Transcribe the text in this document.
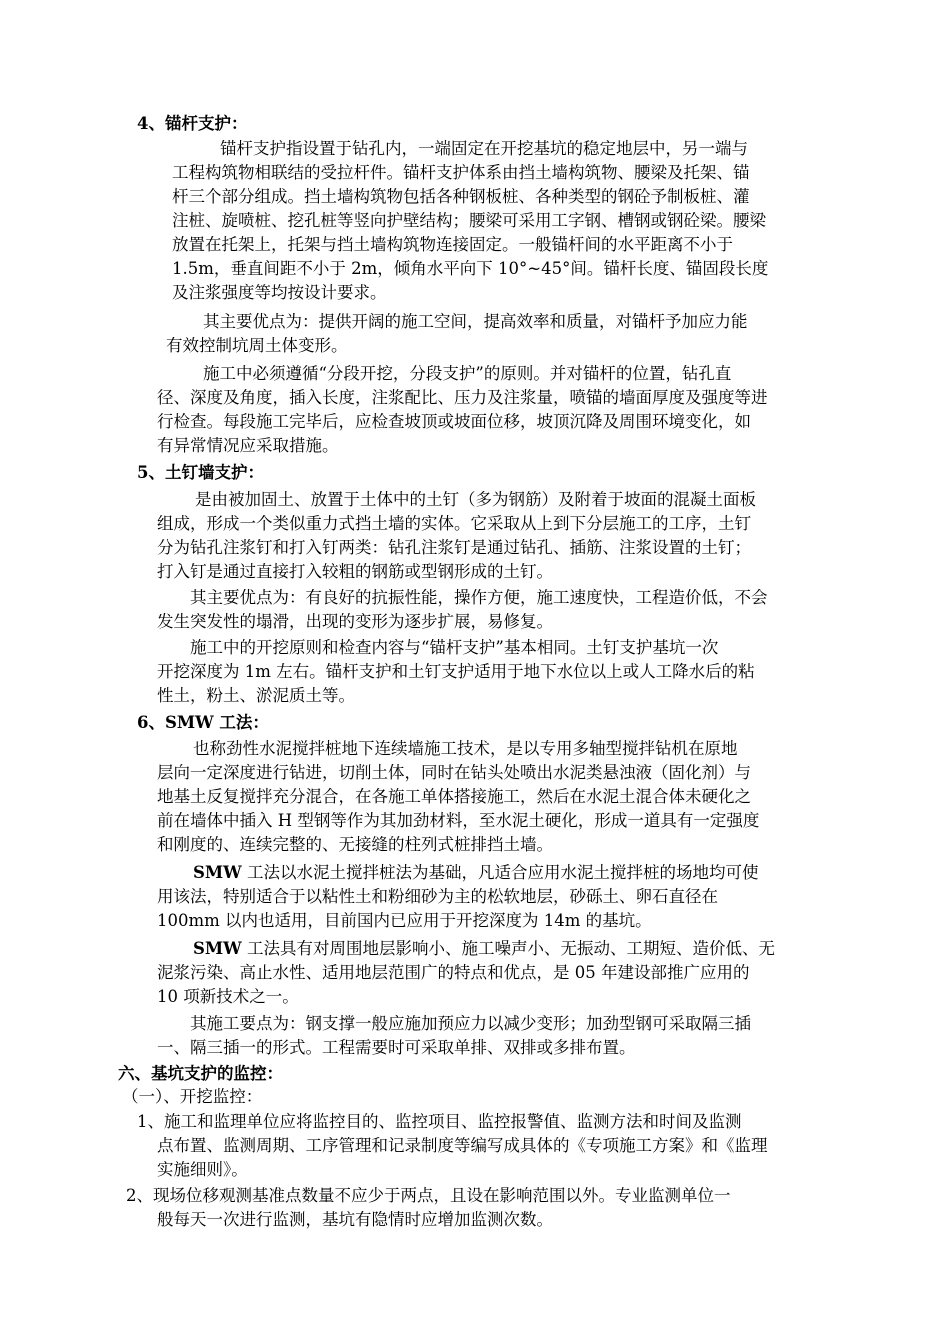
4、锚杆支护：
锚杆支护指设置于钻孔内，一端固定在开挖基坑的稳定地层中，另一端与
工程构筑物相联结的受拉杆件。锚杆支护体系由挡土墙构筑物、腰梁及托架、锚
杆三个部分组成。挡土墙构筑物包括各种钢板桩、各种类型的钢砼予制板桩、灌
注桩、旋喷桩、挖孔桩等竖向护壁结构；腰梁可采用工字钢、槽钢或钢砼梁。腰梁
放置在托架上，托架与挡土墙构筑物连接固定。一般锚杆间的水平距离不小于
1.5m，垂直间距不小于 2m，倾角水平向下 10°~45°间。锚杆长度、锚固段长度
及注浆强度等均按设计要求。
其主要优点为：提供开阔的施工空间，提高效率和质量，对锚杆予加应力能
有效控制坑周土体变形。
施工中必须遵循“分段开挖，分段支护”的原则。并对锚杆的位置，钻孔直
径、深度及角度，插入长度，注浆配比、压力及注浆量，喷锚的墙面厚度及强度等进
行检查。每段施工完毕后，应检查坡顶或坡面位移，坡顶沉降及周围环境变化，如
有异常情况应采取措施。
5、土钉墙支护：
是由被加固土、放置于土体中的土钉（多为钢筋）及附着于坡面的混凝土面板
组成，形成一个类似重力式挡土墙的实体。它采取从上到下分层施工的工序，土钉
分为钻孔注浆钉和打入钉两类：钻孔注浆钉是通过钻孔、插筋、注浆设置的土钉；
打入钉是通过直接打入较粗的钢筋或型钢形成的土钉。
其主要优点为：有良好的抗振性能，操作方便，施工速度快，工程造价低，不会
发生突发性的塌滑，出现的变形为逐步扩展，易修复。
施工中的开挖原则和检查内容与“锚杆支护”基本相同。土钉支护基坑一次
开挖深度为 1m 左右。锚杆支护和土钉支护适用于地下水位以上或人工降水后的粘
性土，粉土、淤泥质土等。
6、SMW 工法：
也称劲性水泥搅拌桩地下连续墙施工技术，是以专用多轴型搅拌钻机在原地
层向一定深度进行钻进，切削土体，同时在钻头处喷出水泥类悬浊液（固化剂）与
地基土反复搅拌充分混合，在各施工单体搭接施工，然后在水泥土混合体未硬化之
前在墙体中插入 H 型钢等作为其加劲材料，至水泥土硬化，形成一道具有一定强度
和刚度的、连续完整的、无接缝的柱列式桩排挡土墙。
SMW 工法以水泥土搅拌桩法为基础，凡适合应用水泥土搅拌桩的场地均可使
用该法，特别适合于以粘性土和粉细砂为主的松软地层，砂砾土、卵石直径在
100mm 以内也适用，目前国内已应用于开挖深度为 14m 的基坑。
SMW 工法具有对周围地层影响小、施工噪声小、无振动、工期短、造价低、无
泥浆污染、高止水性、适用地层范围广的特点和优点，是 05 年建设部推广应用的
10 项新技术之一。
其施工要点为：钢支撑一般应施加预应力以减少变形；加劲型钢可采取隔三插
一、隔三插一的形式。工程需要时可采取单排、双排或多排布置。
六、基坑支护的监控：
（一）、开挖监控：
1、施工和监理单位应将监控目的、监控项目、监控报警值、监测方法和时间及监测
点布置、监测周期、工序管理和记录制度等编写成具体的《专项施工方案》和《监理
实施细则》。
2、现场位移观测基准点数量不应少于两点，且设在影响范围以外。专业监测单位一
般每天一次进行监测，基坑有隐情时应增加监测次数。
